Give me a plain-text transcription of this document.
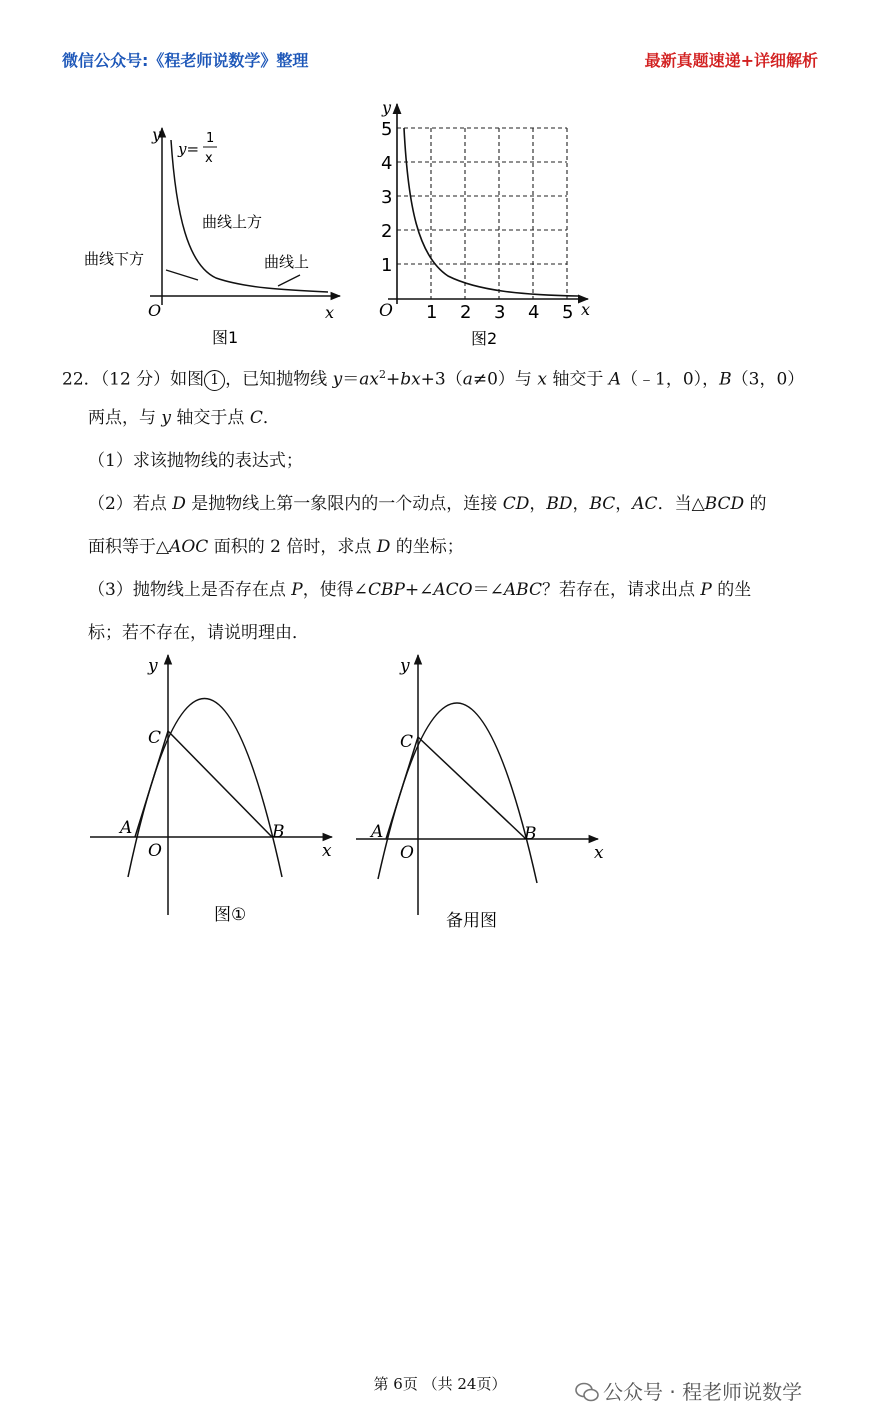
微信公众号:《程老师说数学》整理	最新真题速递+详细解析
y
x
O
y=
1
x
曲线上方
曲线下方	曲线上
图1
1 2 3 4 5
1
2
3
4
5
y
x
O
图2
22．（12 分）如图 1 ，已知抛物线 $y=ax^2+bx+3(a\ne 0)$与 x 轴交于 A（﹣1，0），B（3，0）
两点，与 y 轴交于点 C．
（1）求该抛物线的表达式；
（2）若点 D 是抛物线上第一象限内的一个动点，连接 CD，BD，BC，AC．当△BCD 的
面积等于△AOC 面积的 2 倍时，求点 D 的坐标；
（3）抛物线上是否存在点 P，使得∠CBP+∠ACO＝∠ABC？若存在，请求出点 P 的坐
标；若不存在，请说明理由．
y
x
O
A	B
C
图①
y
x
O
A	B
C
备用图
第 6页 （共 24页）	公众号 · 程老师说数学
